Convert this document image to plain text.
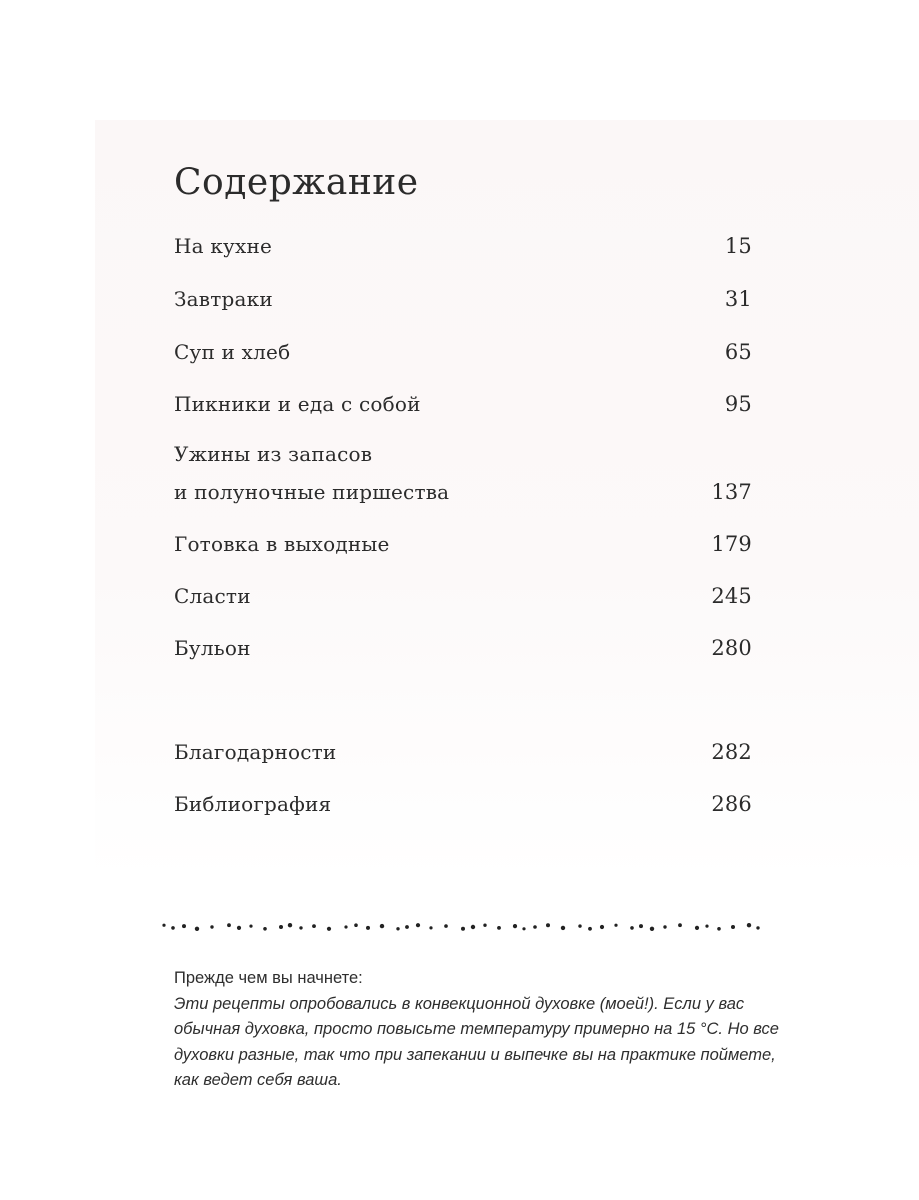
Содержание
На кухне	15
Завтраки	31
Суп и хлеб	65
Пикники и еда с собой	95
Ужины из запасов
и полуночные пиршества	137
Готовка в выходные	179
Сласти	245
Бульон	280
Благодарности	282
Библиография	286
Прежде чем вы начнете:
Эти рецепты опробовались в конвекционной духовке (моей!). Если у вас обычная духовка, просто повысьте температуру примерно на 15 °С. Но все духовки разные, так что при запекании и выпечке вы на практике поймете, как ведет себя ваша.
